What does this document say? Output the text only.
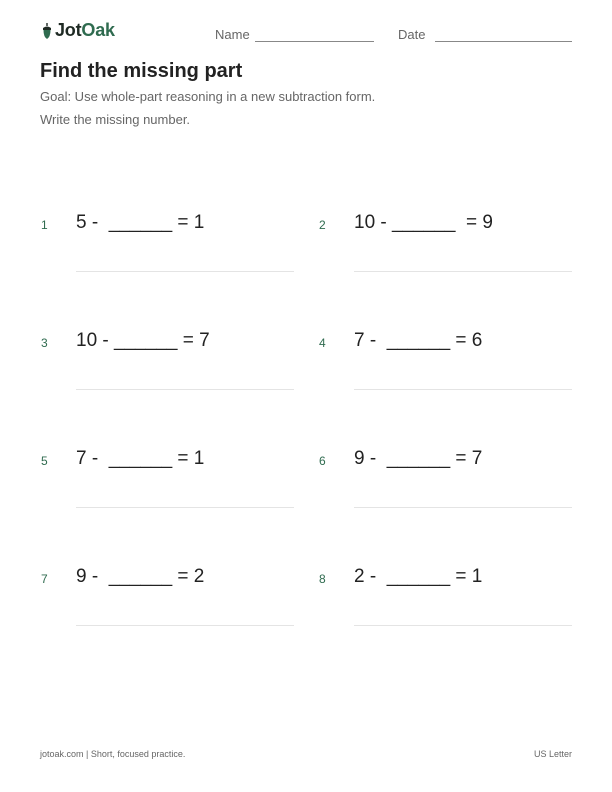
JotOak	Name	Date
Find the missing part
Goal: Use whole-part reasoning in a new subtraction form.
Write the missing number.
1 5 -  ______ = 1	2 10 - ______  = 9
3 10 - ______ = 7	4 7 -  ______ = 6
5 7 -  ______ = 1	6 9 -  ______ = 7
7 9 -  ______ = 2	8 2 -  ______ = 1
jotoak.com | Short, focused practice.	US Letter
